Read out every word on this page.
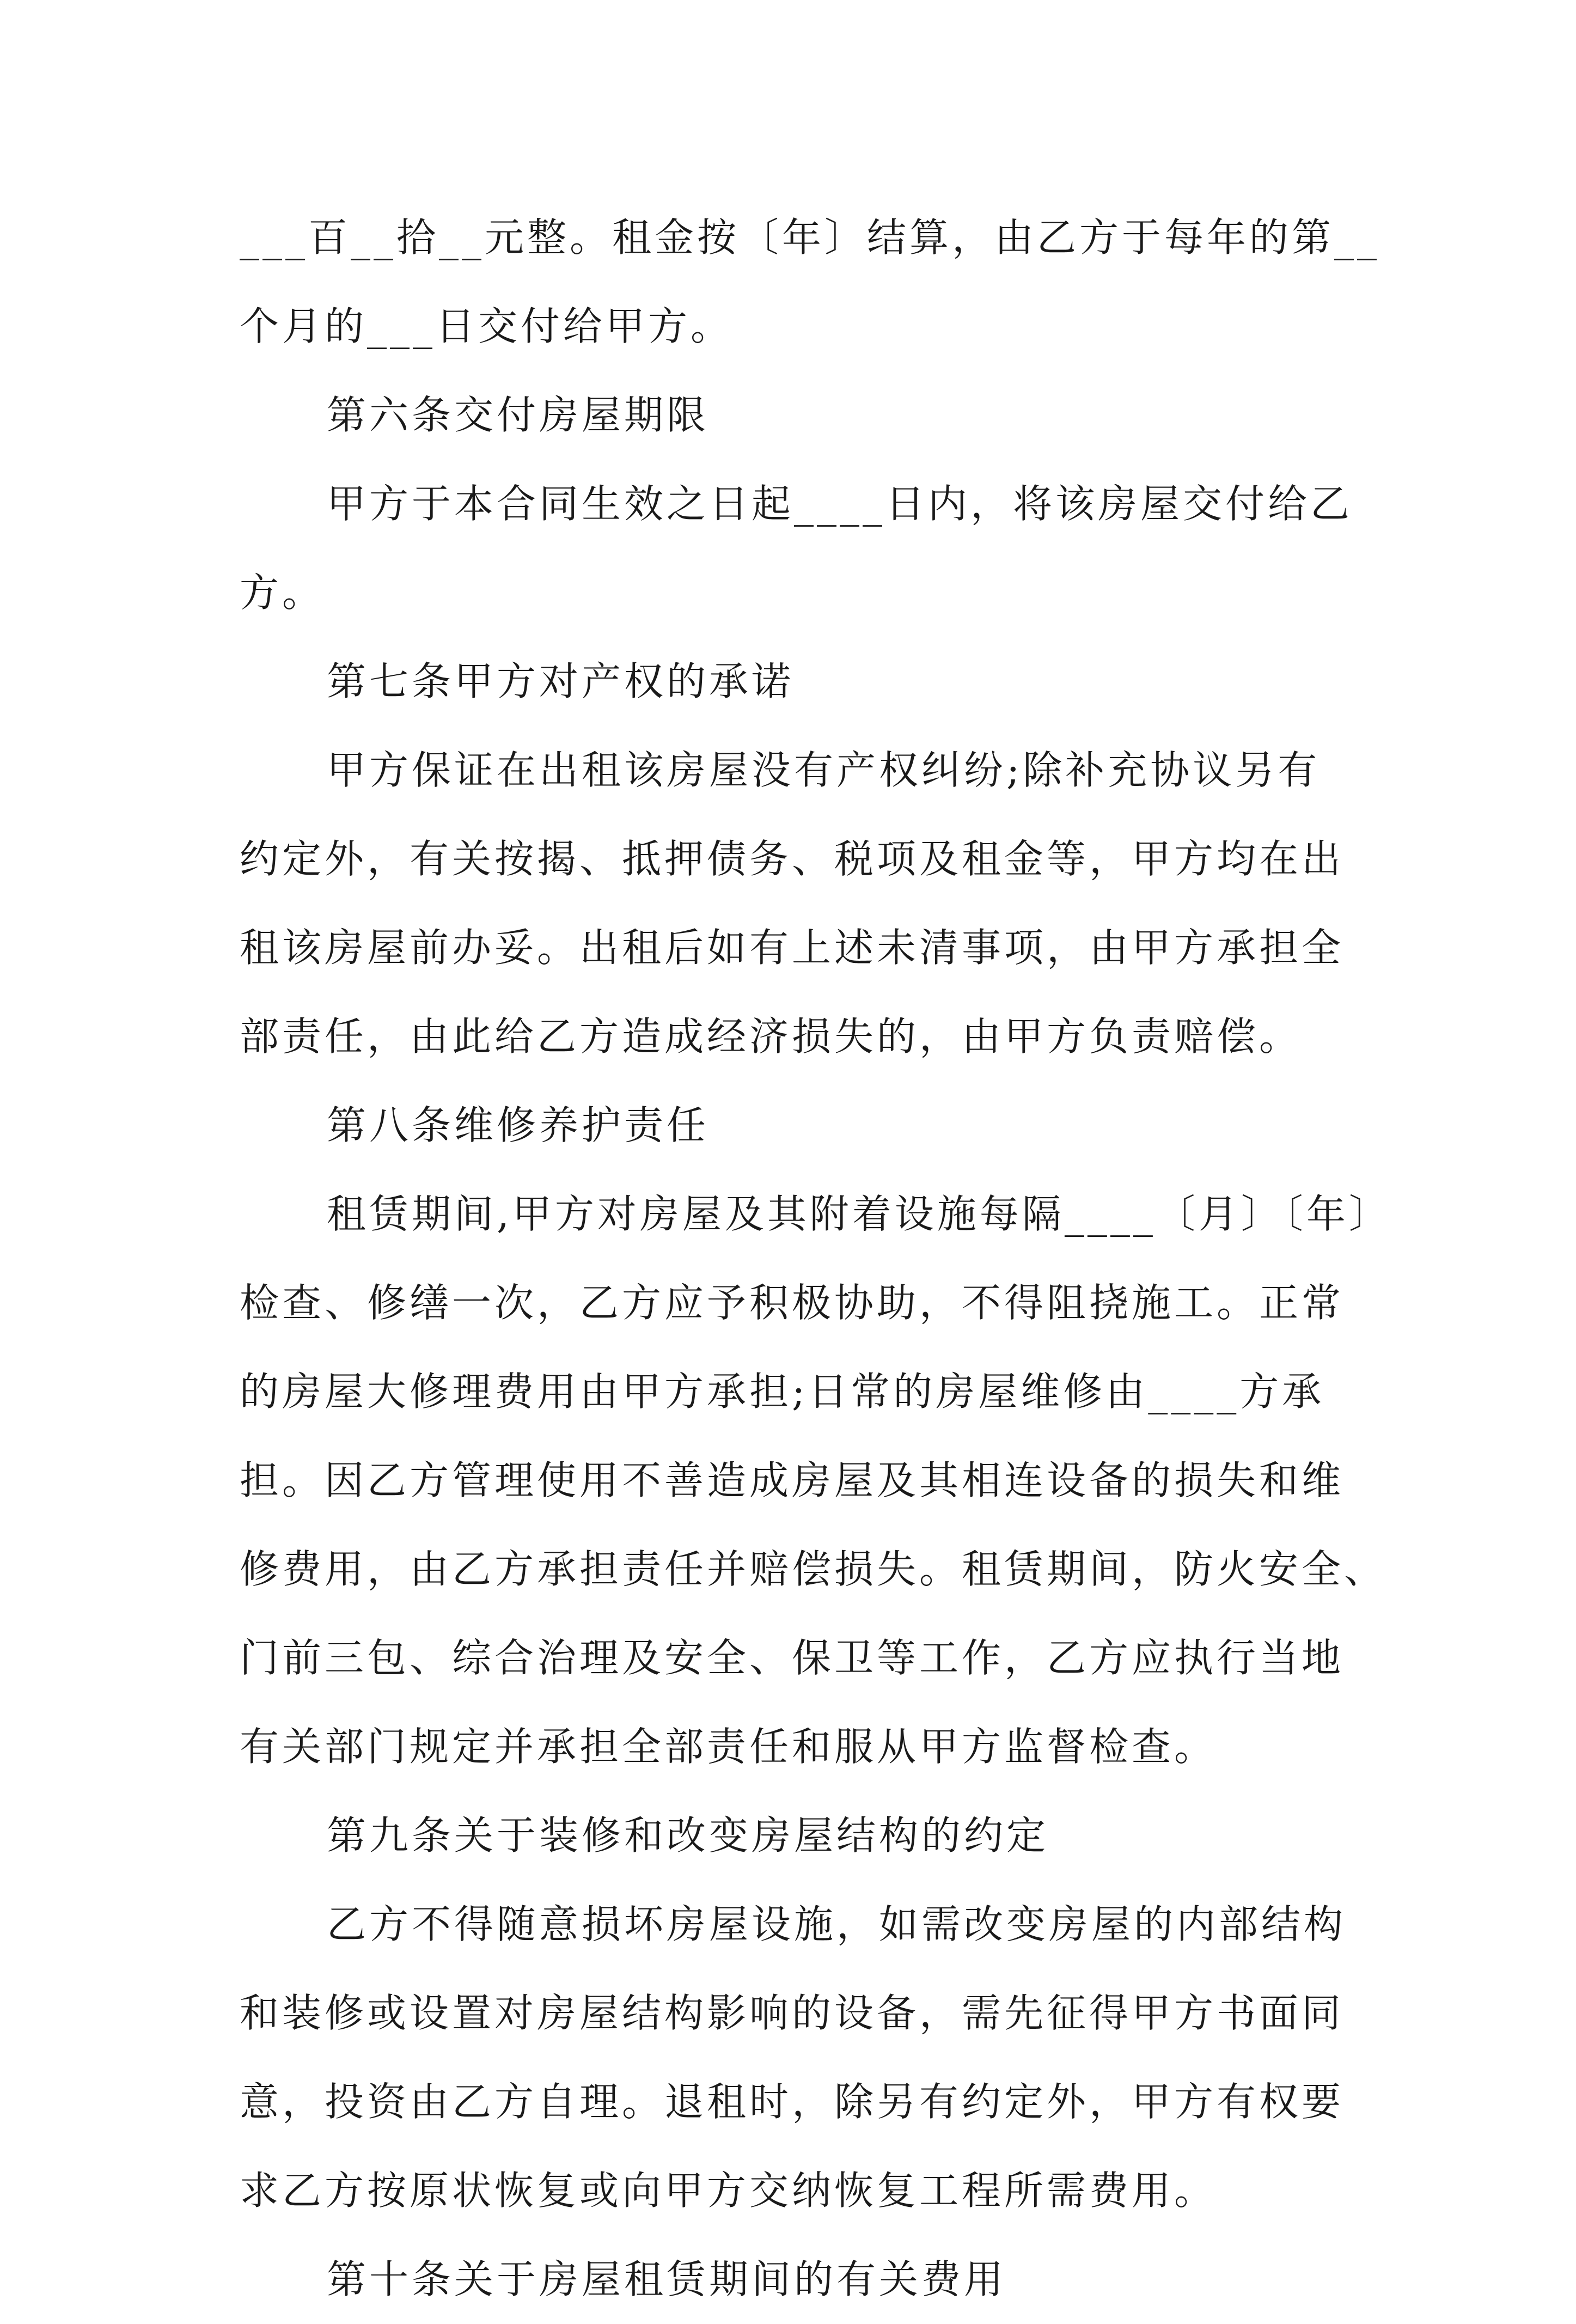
___百__拾__元整。租金按〔年〕结算，由乙方于每年的第__
个月的___日交付给甲方。
第六条交付房屋期限
甲方于本合同生效之日起____日内，将该房屋交付给乙
方。
第七条甲方对产权的承诺
甲方保证在出租该房屋没有产权纠纷;除补充协议另有
约定外，有关按揭、抵押债务、税项及租金等，甲方均在出
租该房屋前办妥。出租后如有上述未清事项，由甲方承担全
部责任，由此给乙方造成经济损失的，由甲方负责赔偿。
第八条维修养护责任
租赁期间,甲方对房屋及其附着设施每隔____〔月〕〔年〕
检查、修缮一次，乙方应予积极协助，不得阻挠施工。正常
的房屋大修理费用由甲方承担;日常的房屋维修由____方承
担。因乙方管理使用不善造成房屋及其相连设备的损失和维
修费用，由乙方承担责任并赔偿损失。租赁期间，防火安全、
门前三包、综合治理及安全、保卫等工作，乙方应执行当地
有关部门规定并承担全部责任和服从甲方监督检查。
第九条关于装修和改变房屋结构的约定
乙方不得随意损坏房屋设施，如需改变房屋的内部结构
和装修或设置对房屋结构影响的设备，需先征得甲方书面同
意，投资由乙方自理。退租时，除另有约定外，甲方有权要
求乙方按原状恢复或向甲方交纳恢复工程所需费用。
第十条关于房屋租赁期间的有关费用
